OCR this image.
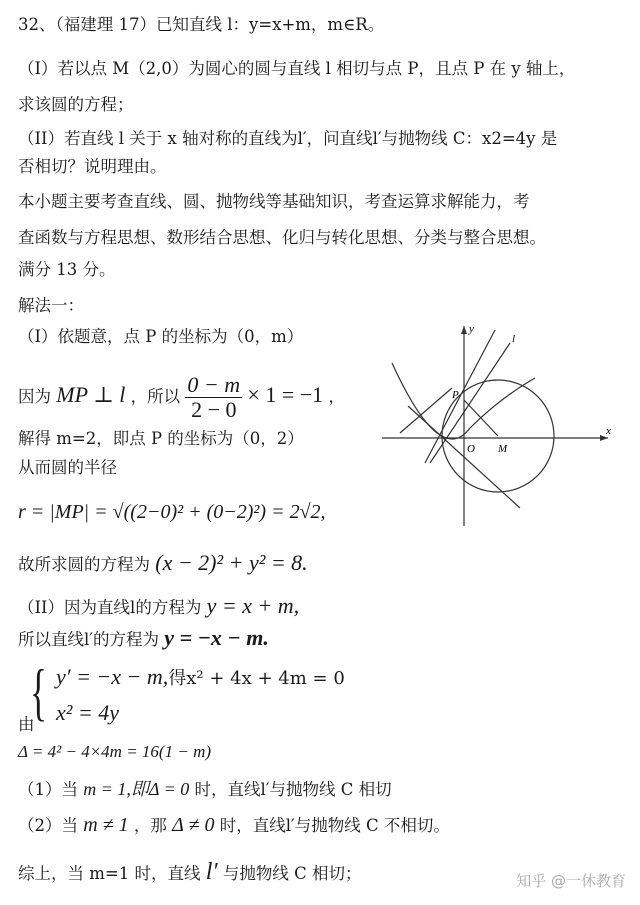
32、（福建理 17）已知直线 l：y=x+m，m∈R。
（I）若以点 M（2,0）为圆心的圆与直线 l 相切与点 P，且点 P 在 y 轴上，
求该圆的方程；
（II）若直线 l 关于 x 轴对称的直线为l′，问直线l′与抛物线 C：x2=4y 是
否相切？说明理由。
本小题主要考查直线、圆、抛物线等基础知识，考查运算求解能力，考
查函数与方程思想、数形结合思想、化归与转化思想、分类与整合思想。
满分 13 分。
解法一：
（I）依题意，点 P 的坐标为（0，m）
因为 MP ⊥ l ，所以 $\frac{0 - m}{2 - 0} \times 1 = -1$ ，
解得 m=2，即点 P 的坐标为（0，2）
从而圆的半径
r = |MP| = √((2−0)² + (0−2)²) = 2√2,
故所求圆的方程为 (x − 2)² + y² = 8.
（II）因为直线l的方程为 y = x + m,
所以直线l′的方程为 y = −x − m.
{ y′ = −x − m,得x² + 4x + 4m = 0
x² = 4y
由
Δ = 4² − 4×4m = 16(1 − m)
（1）当 m = 1,即Δ = 0 时，直线l′与抛物线 C 相切
（2）当 m ≠ 1 ，那 Δ ≠ 0 时，直线l′与抛物线 C 不相切。
综上，当 m=1 时，直线 l′ 与抛物线 C 相切；
x
y
l
P
O M
知乎 @一休教育
